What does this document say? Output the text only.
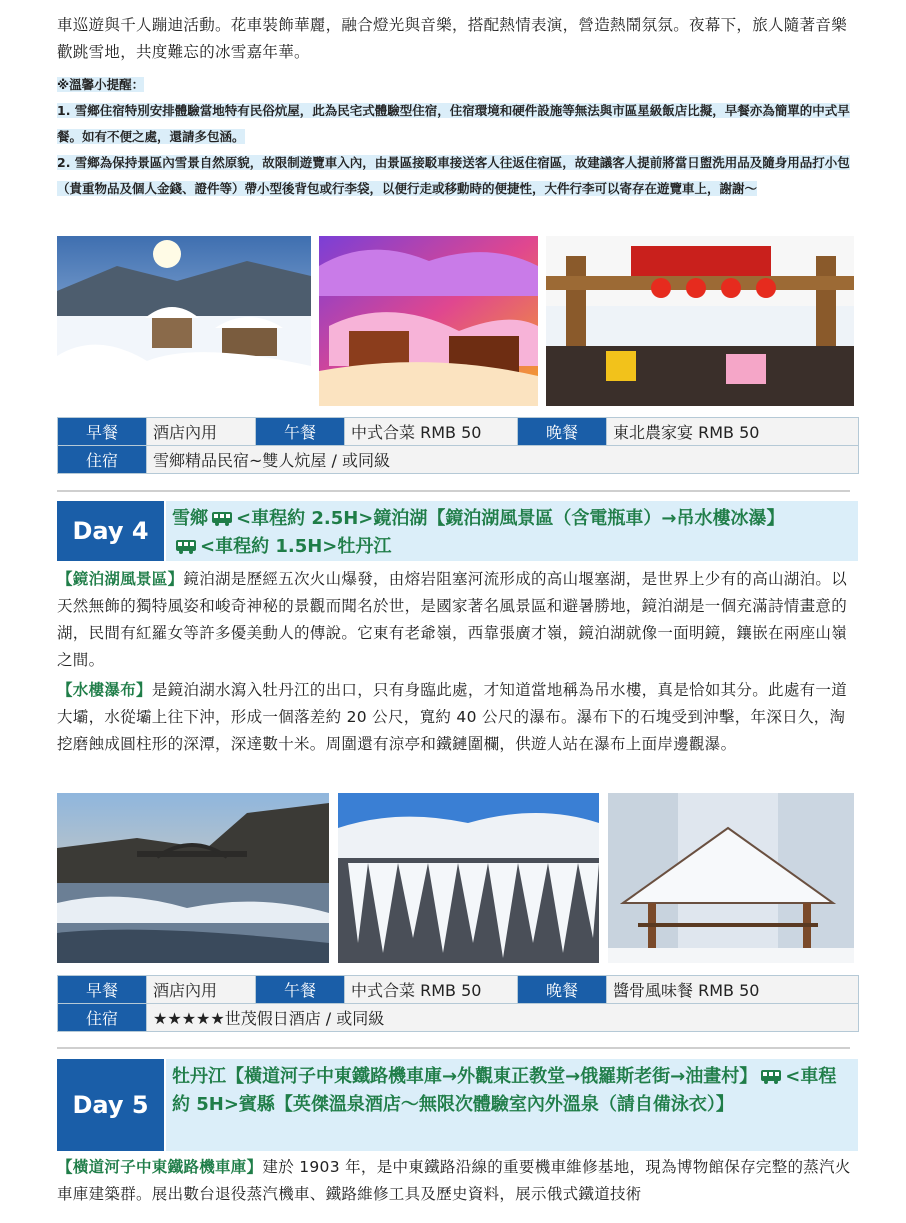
車巡遊與千人蹦迪活動。花車裝飾華麗，融合燈光與音樂，搭配熱情表演，營造熱鬧氛氛。夜幕下，旅人隨著音樂歡跳雪地，共度難忘的冰雪嘉年華。
※溫馨小提醒：
1. 雪鄉住宿特別安排體驗當地特有民俗炕屋，此為民宅式體驗型住宿，住宿環境和硬件設施等無法與市區星級飯店比擬，早餐亦為簡單的中式早餐。如有不便之處，還請多包涵。
2. 雪鄉為保持景區內雪景自然原貌，故限制遊覽車入內，由景區接駁車接送客人往返住宿區，故建議客人提前將當日盥洗用品及隨身用品打小包（貴重物品及個人金錢、證件等）帶小型後背包或行李袋，以便行走或移動時的便捷性，大件行李可以寄存在遊覽車上，謝謝～
早餐	酒店內用	午餐	中式合菜 RMB 50	晚餐	東北農家宴 RMB 50
住宿	雪鄉精品民宿~雙人炕屋 / 或同級				
Day 4	雪鄉 <車程約 2.5H>鏡泊湖【鏡泊湖風景區（含電瓶車）→吊水樓冰瀑】
<車程約 1.5H>牡丹江
【鏡泊湖風景區】鏡泊湖是歷經五次火山爆發，由熔岩阻塞河流形成的高山堰塞湖，是世界上少有的高山湖泊。以天然無飾的獨特風姿和峻奇神秘的景觀而聞名於世，是國家著名風景區和避暑勝地，鏡泊湖是一個充滿詩情畫意的湖，民間有紅羅女等許多優美動人的傳說。它東有老爺嶺，西靠張廣才嶺，鏡泊湖就像一面明鏡，鑲嵌在兩座山嶺之間。
【水樓瀑布】是鏡泊湖水瀉入牡丹江的出口，只有身臨此處，才知道當地稱為吊水樓，真是恰如其分。此處有一道大壩，水從壩上往下沖，形成一個落差約 20 公尺，寬約 40 公尺的瀑布。瀑布下的石塊受到沖擊，年深日久，淘挖磨蝕成圓柱形的深潭，深達數十米。周圍還有涼亭和鐵鏈圍欄，供遊人站在瀑布上面岸邊觀瀑。
早餐	酒店內用	午餐	中式合菜 RMB 50	晚餐	醬骨風味餐 RMB 50
住宿	★★★★★世茂假日酒店 / 或同級				
Day 5
牡丹江【橫道河子中東鐵路機車庫→外觀東正教堂→俄羅斯老街→油畫村】 <車程約 5H>賓縣【英傑溫泉酒店～無限次體驗室內外溫泉（請自備泳衣）】
【橫道河子中東鐵路機車庫】建於 1903 年，是中東鐵路沿線的重要機車維修基地，現為博物館保存完整的蒸汽火車庫建築群。展出數台退役蒸汽機車、鐵路維修工具及歷史資料，展示俄式鐵道技術
